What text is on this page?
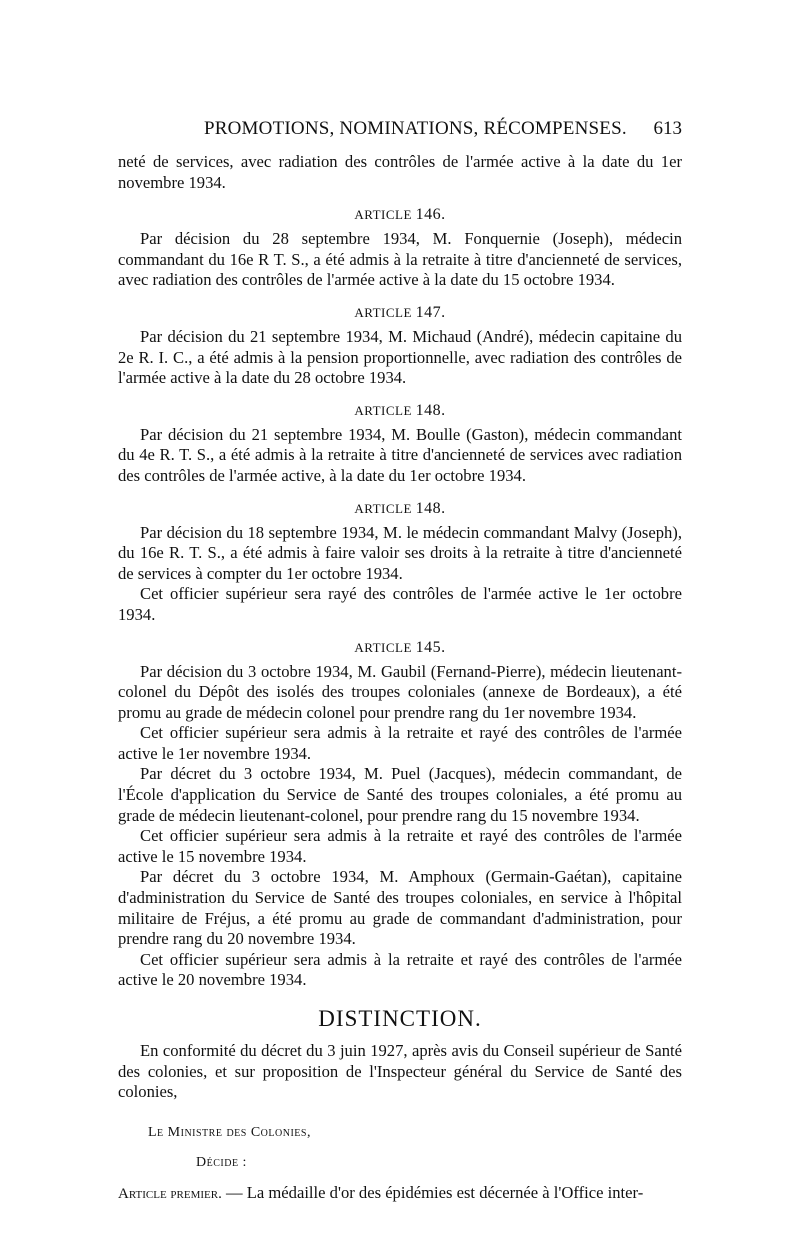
PROMOTIONS, NOMINATIONS, RÉCOMPENSES. 613

neté de services, avec radiation des contrôles de l'armée active à la date du 1er novembre 1934.

ARTICLE 146.

Par décision du 28 septembre 1934, M. Fonquernie (Joseph), médecin commandant du 16e R T. S., a été admis à la retraite à titre d'ancienneté de services, avec radiation des contrôles de l'armée active à la date du 15 octobre 1934.

ARTICLE 147.

Par décision du 21 septembre 1934, M. Michaud (André), médecin capitaine du 2e R. I. C., a été admis à la pension proportionnelle, avec radiation des contrôles de l'armée active à la date du 28 octobre 1934.

ARTICLE 148.

Par décision du 21 septembre 1934, M. Boulle (Gaston), médecin commandant du 4e R. T. S., a été admis à la retraite à titre d'ancienneté de services avec radiation des contrôles de l'armée active, à la date du 1er octobre 1934.

ARTICLE 148.

Par décision du 18 septembre 1934, M. le médecin commandant Malvy (Joseph), du 16e R. T. S., a été admis à faire valoir ses droits à la retraite à titre d'ancienneté de services à compter du 1er octobre 1934.

Cet officier supérieur sera rayé des contrôles de l'armée active le 1er octobre 1934.

ARTICLE 145.

Par décision du 3 octobre 1934, M. Gaubil (Fernand-Pierre), médecin lieutenant-colonel du Dépôt des isolés des troupes coloniales (annexe de Bordeaux), a été promu au grade de médecin colonel pour prendre rang du 1er novembre 1934.

Cet officier supérieur sera admis à la retraite et rayé des contrôles de l'armée active le 1er novembre 1934.

Par décret du 3 octobre 1934, M. Puel (Jacques), médecin commandant, de l'École d'application du Service de Santé des troupes coloniales, a été promu au grade de médecin lieutenant-colonel, pour prendre rang du 15 novembre 1934.

Cet officier supérieur sera admis à la retraite et rayé des contrôles de l'armée active le 15 novembre 1934.

Par décret du 3 octobre 1934, M. Amphoux (Germain-Gaétan), capitaine d'administration du Service de Santé des troupes coloniales, en service à l'hôpital militaire de Fréjus, a été promu au grade de commandant d'administration, pour prendre rang du 20 novembre 1934.

Cet officier supérieur sera admis à la retraite et rayé des contrôles de l'armée active le 20 novembre 1934.

DISTINCTION.

En conformité du décret du 3 juin 1927, après avis du Conseil supérieur de Santé des colonies, et sur proposition de l'Inspecteur général du Service de Santé des colonies,

Le Ministre des Colonies,

Décide :

Article premier. — La médaille d'or des épidémies est décernée à l'Office inter-
